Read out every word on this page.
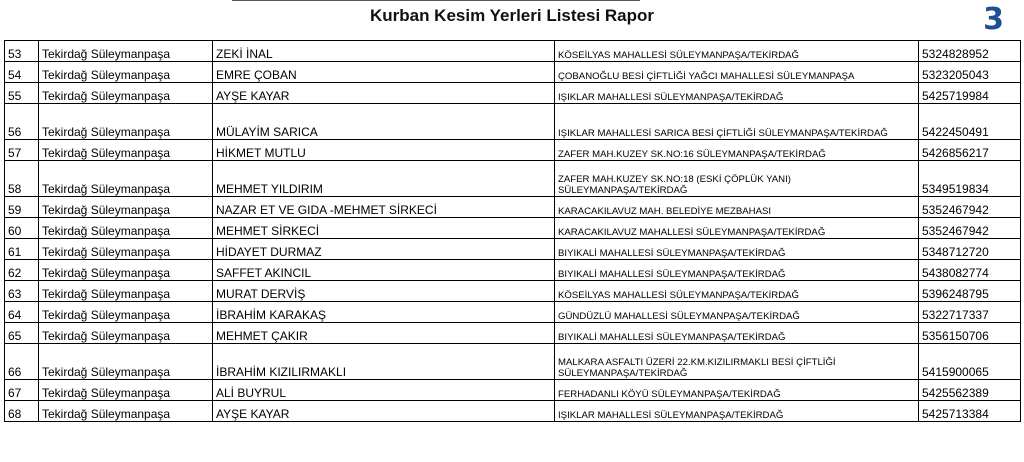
Kurban Kesim Yerleri Listesi Rapor	3
53	Tekirdağ Süleymanpaşa	ZEKİ İNAL	KÖSEİLYAS MAHALLESİ SÜLEYMANPAŞA/TEKİRDAĞ	5324828952
54	Tekirdağ Süleymanpaşa	EMRE ÇOBAN	ÇOBANOĞLU BESİ ÇİFTLİĞİ YAĞCI MAHALLESİ SÜLEYMANPAŞA	5323205043
55	Tekirdağ Süleymanpaşa	AYŞE KAYAR	IŞIKLAR MAHALLESİ SÜLEYMANPAŞA/TEKİRDAĞ	5425719984
56	Tekirdağ Süleymanpaşa	MÜLAYİM SARICA	IŞIKLAR MAHALLESİ SARICA BESİ ÇİFTLİĞİ SÜLEYMANPAŞA/TEKİRDAĞ	5422450491
57	Tekirdağ Süleymanpaşa	HİKMET MUTLU	ZAFER MAH.KUZEY SK.NO:16 SÜLEYMANPAŞA/TEKİRDAĞ	5426856217
58	Tekirdağ Süleymanpaşa	MEHMET YILDIRIM	ZAFER MAH.KUZEY SK.NO:18 (ESKİ ÇÖPLÜK YANI) SÜLEYMANPAŞA/TEKİRDAĞ	5349519834
59	Tekirdağ Süleymanpaşa	NAZAR ET VE GIDA -MEHMET SİRKECİ	KARACAKILAVUZ MAH. BELEDİYE MEZBAHASI	5352467942
60	Tekirdağ Süleymanpaşa	MEHMET SİRKECİ	KARACAKILAVUZ MAHALLESİ SÜLEYMANPAŞA/TEKİRDAĞ	5352467942
61	Tekirdağ Süleymanpaşa	HİDAYET DURMAZ	BIYIKALİ MAHALLESİ SÜLEYMANPAŞA/TEKİRDAĞ	5348712720
62	Tekirdağ Süleymanpaşa	SAFFET AKINCIL	BIYIKALİ MAHALLESİ SÜLEYMANPAŞA/TEKİRDAĞ	5438082774
63	Tekirdağ Süleymanpaşa	MURAT DERVİŞ	KÖSEİLYAS MAHALLESİ SÜLEYMANPAŞA/TEKİRDAĞ	5396248795
64	Tekirdağ Süleymanpaşa	İBRAHİM KARAKAŞ	GÜNDÜZLÜ MAHALLESİ SÜLEYMANPAŞA/TEKİRDAĞ	5322717337
65	Tekirdağ Süleymanpaşa	MEHMET ÇAKIR	BIYIKALİ MAHALLESİ SÜLEYMANPAŞA/TEKİRDAĞ	5356150706
66	Tekirdağ Süleymanpaşa	İBRAHİM KIZILIRMAKLI	MALKARA ASFALTI ÜZERİ 22.KM.KIZILIRMAKLI BESİ ÇİFTLİĞİ SÜLEYMANPAŞA/TEKİRDAĞ	5415900065
67	Tekirdağ Süleymanpaşa	ALİ BUYRUL	FERHADANLI KÖYÜ SÜLEYMANPAŞA/TEKİRDAĞ	5425562389
68	Tekirdağ Süleymanpaşa	AYŞE KAYAR	IŞIKLAR MAHALLESİ SÜLEYMANPAŞA/TEKİRDAĞ	5425713384
